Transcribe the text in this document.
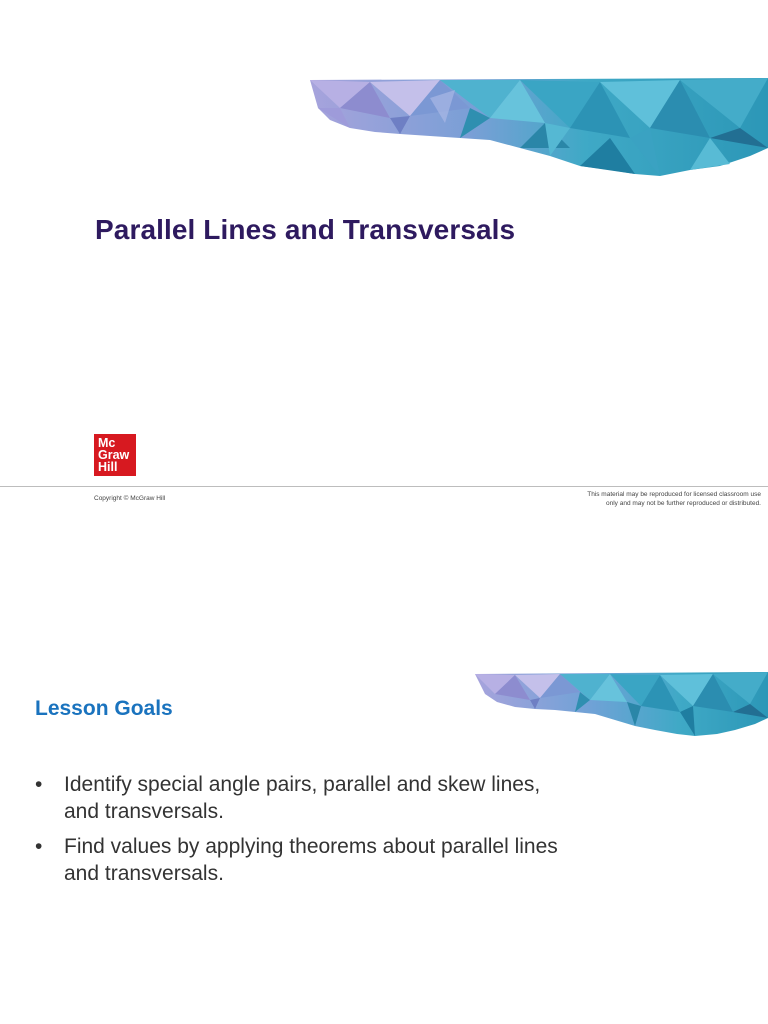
Parallel Lines and Transversals
Mc
Graw
Hill
Copyright © McGraw Hill
This material may be reproduced for licensed classroom use
only and may not be further reproduced or distributed.
Lesson Goals
• Identify special angle pairs, parallel and skew lines,
and transversals.
• Find values by applying theorems about parallel lines
and transversals.
